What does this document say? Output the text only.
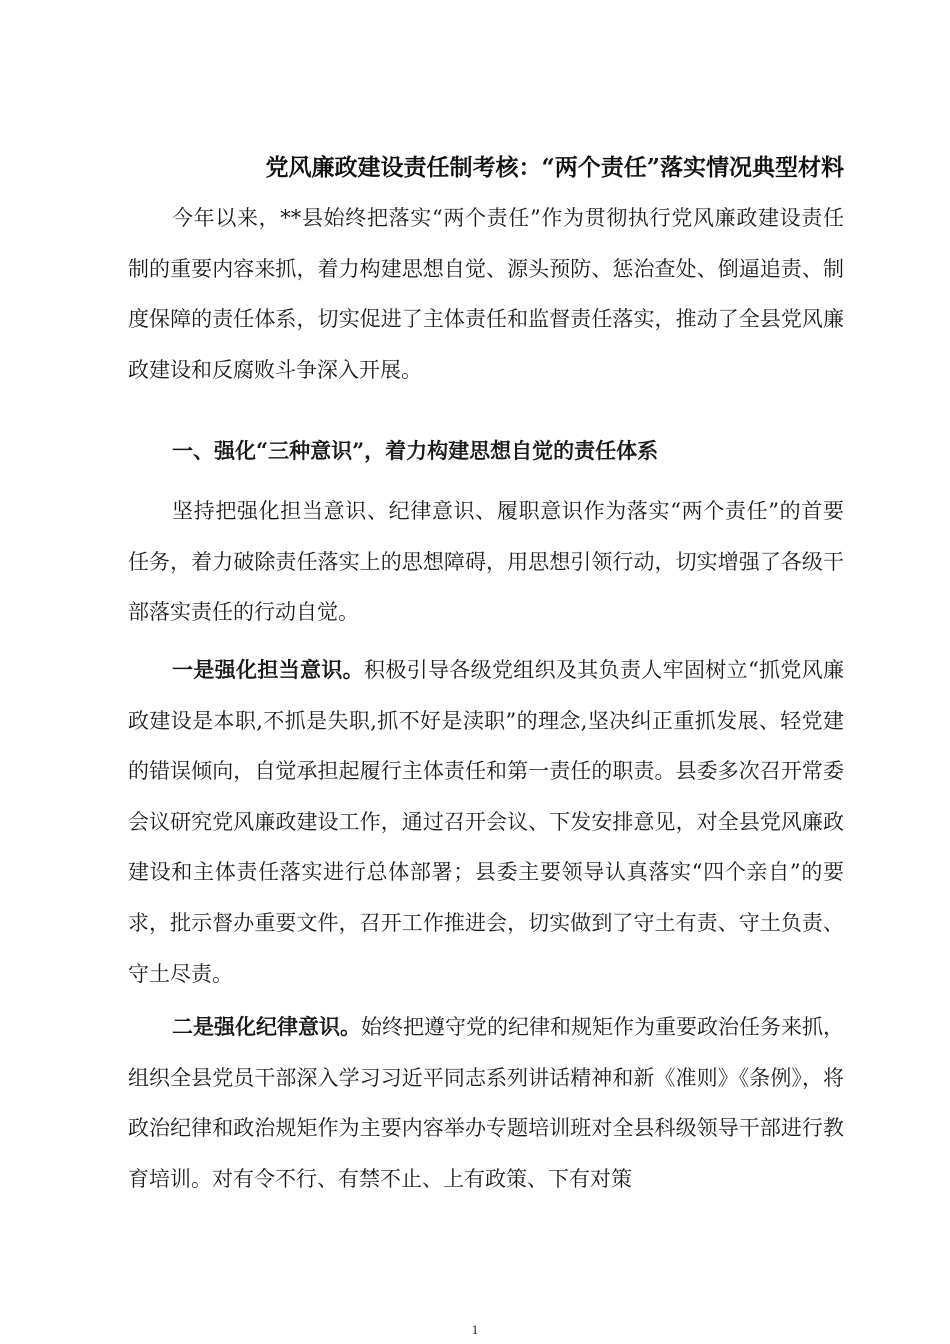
党风廉政建设责任制考核：“两个责任”落实情况典型材料

今年以来，**县始终把落实“两个责任”作为贯彻执行党风廉政建设责任制的重要内容来抓，着力构建思想自觉、源头预防、惩治查处、倒逼追责、制度保障的责任体系，切实促进了主体责任和监督责任落实，推动了全县党风廉政建设和反腐败斗争深入开展。

一、强化“三种意识”，着力构建思想自觉的责任体系

坚持把强化担当意识、纪律意识、履职意识作为落实“两个责任”的首要任务，着力破除责任落实上的思想障碍，用思想引领行动，切实增强了各级干部落实责任的行动自觉。

一是强化担当意识。积极引导各级党组织及其负责人牢固树立“抓党风廉政建设是本职,不抓是失职,抓不好是渎职”的理念,坚决纠正重抓发展、轻党建的错误倾向，自觉承担起履行主体责任和第一责任的职责。县委多次召开常委会议研究党风廉政建设工作，通过召开会议、下发安排意见，对全县党风廉政建设和主体责任落实进行总体部署；县委主要领导认真落实“四个亲自”的要求，批示督办重要文件，召开工作推进会，切实做到了守土有责、守土负责、守土尽责。

二是强化纪律意识。始终把遵守党的纪律和规矩作为重要政治任务来抓，组织全县党员干部深入学习习近平同志系列讲话精神和新《准则》《条例》，将政治纪律和政治规矩作为主要内容举办专题培训班对全县科级领导干部进行教育培训。对有令不行、有禁不止、上有政策、下有对策

1
